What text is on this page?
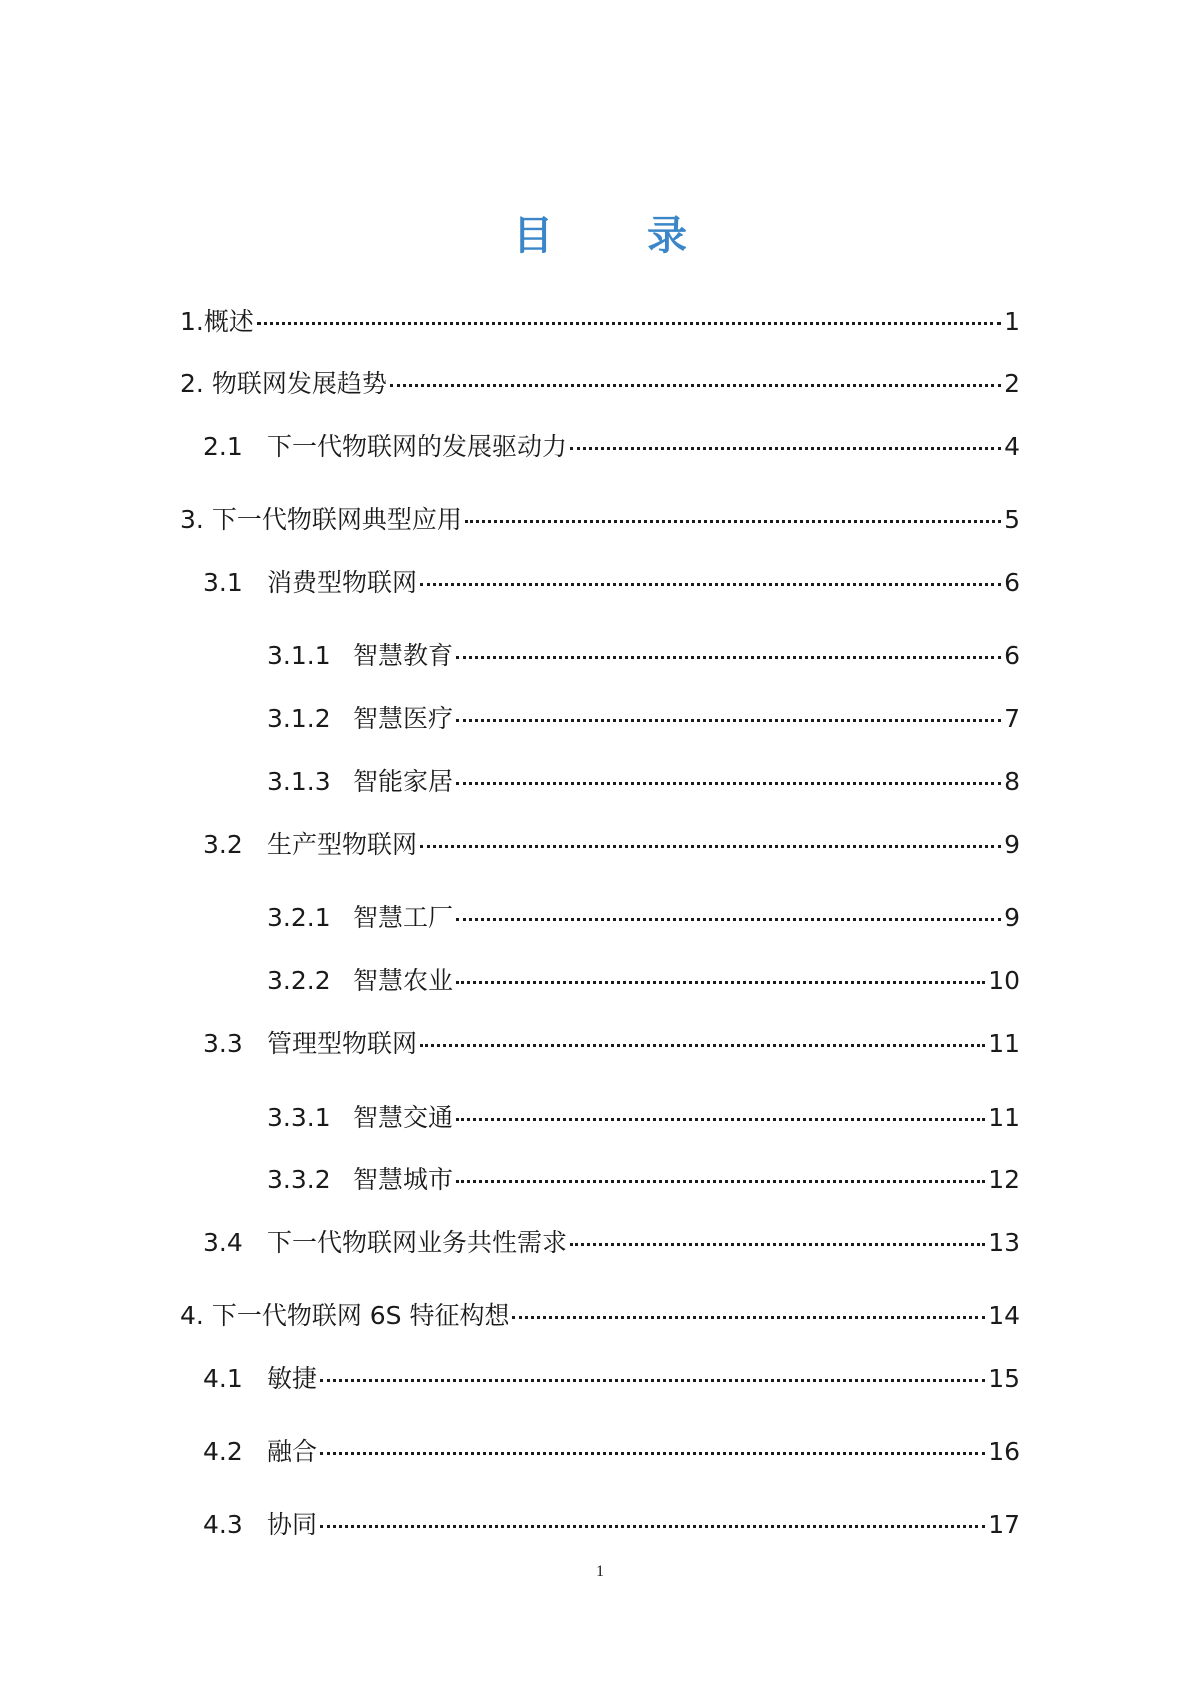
目 录
1. 概述	1
2. 物联网发展趋势	2
2.1 下一代物联网的发展驱动力	4
3. 下一代物联网典型应用	5
3.1 消费型物联网	6
3.1.1 智慧教育	6
3.1.2 智慧医疗	7
3.1.3 智能家居	8
3.2 生产型物联网	9
3.2.1 智慧工厂	9
3.2.2 智慧农业	10
3.3 管理型物联网	11
3.3.1 智慧交通	11
3.3.2 智慧城市	12
3.4 下一代物联网业务共性需求	13
4. 下一代物联网 6S 特征构想	14
4.1 敏捷	15
4.2 融合	16
4.3 协同	17
1
